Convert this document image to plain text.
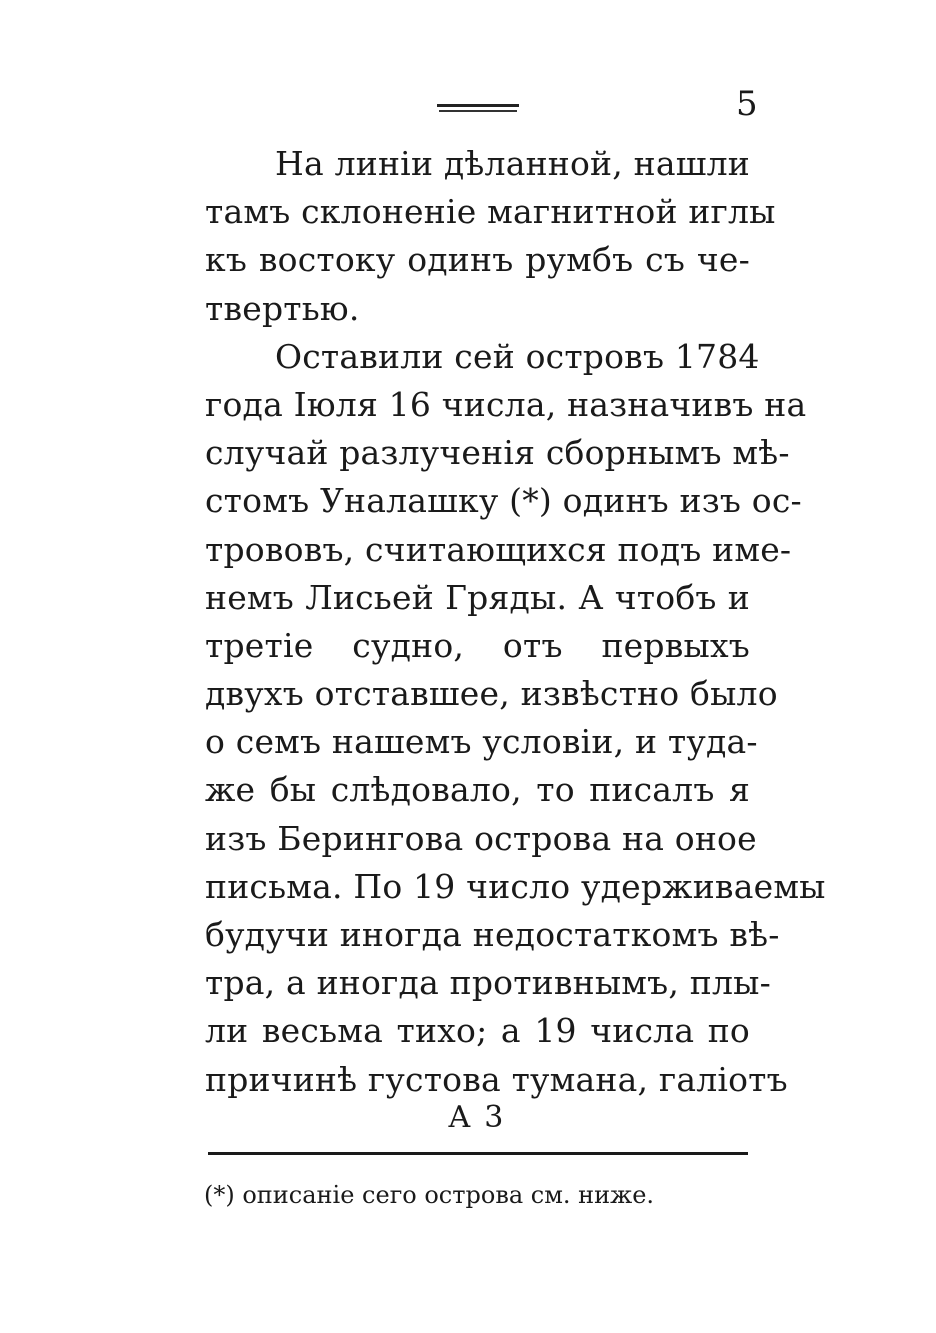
5
На линіи дѣланной, нашли
тамъ склоненіе магнитной иглы
къ востоку одинъ румбъ съ че-
твертью.
Оставили сей островъ 1784
года Іюля 16 числа, назначивъ на
случай разлученія сборнымъ мѣ-
стомъ Уналашку (*) одинъ изъ ос-
трововъ, считающихся подъ име-
немъ Лисьей Гряды. А чтобъ и
третіе судно, отъ первыхъ
двухъ отставшее, извѣстно было
о семъ нашемъ условіи, и туда-
же бы слѣдовало, то писалъ я
изъ Берингова острова на оное
письма. По 19 число удерживаемы
будучи иногда недостаткомъ вѣ-
тра, а иногда противнымъ, плы-
ли весьма тихо; а 19 числа по
причинѣ густова тумана, галіотъ
А 3
(*) описаніе сего острова см. ниже.
